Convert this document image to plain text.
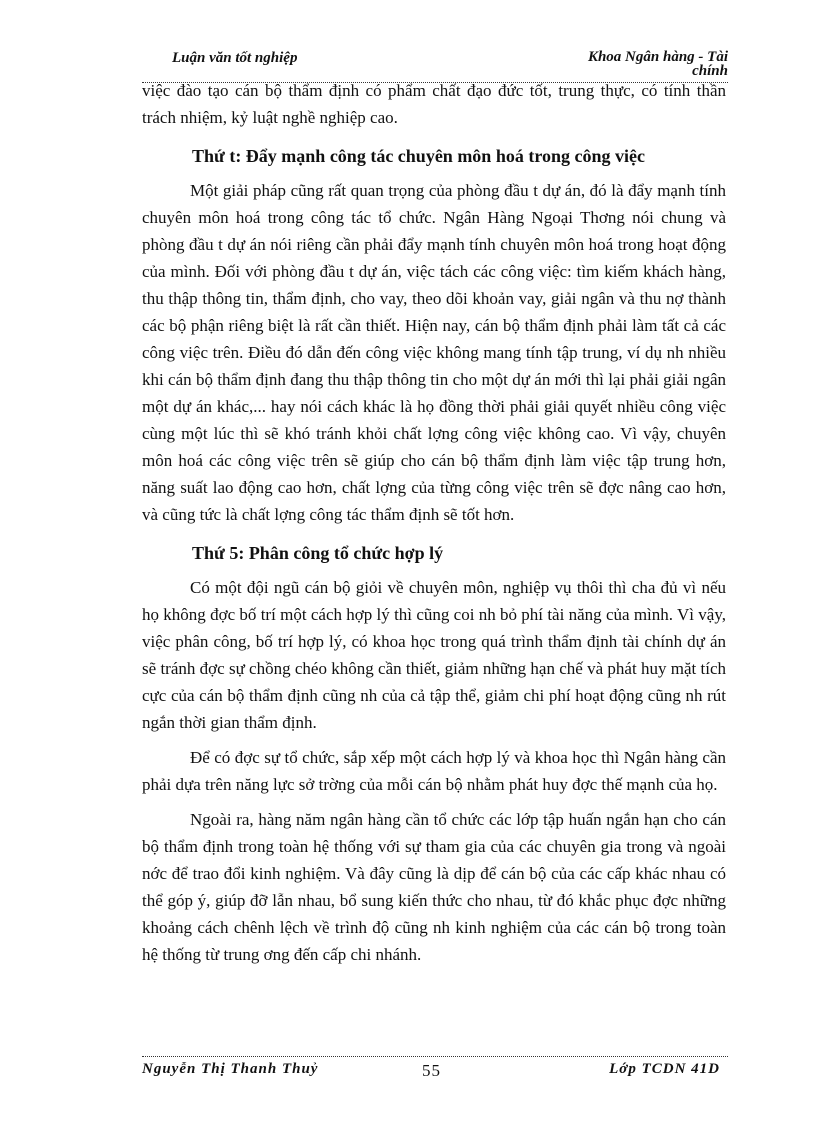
Luận văn tốt nghiệp	Khoa Ngân hàng - Tài
chính

việc đào tạo cán bộ thẩm định có phẩm chất đạo đức tốt, trung thực, có tính thần trách nhiệm, kỷ luật nghề nghiệp cao.

Thứ t: Đẩy mạnh công tác chuyên môn hoá trong công việc

Một giải pháp cũng rất quan trọng của phòng đầu t dự án, đó là đẩy mạnh tính chuyên môn hoá trong công tác tổ chức. Ngân Hàng Ngoại Thơng nói chung và phòng đầu t dự án nói riêng cần phải đẩy mạnh tính chuyên môn hoá trong hoạt động của mình. Đối với phòng đầu t dự án, việc tách các công việc: tìm kiếm khách hàng, thu thập thông tin, thẩm định, cho vay, theo dõi khoản vay, giải ngân và thu nợ thành các bộ phận riêng biệt là rất cần thiết. Hiện nay, cán bộ thẩm định phải làm tất cả các công việc trên. Điều đó dẫn đến công việc không mang tính tập trung, ví dụ nh nhiều khi cán bộ thẩm định đang thu thập thông tin cho một dự án mới thì lại phải giải ngân một dự án khác,... hay nói cách khác là họ đồng thời phải giải quyết nhiều công việc cùng một lúc thì sẽ khó tránh khỏi chất lợng công việc không cao. Vì vậy, chuyên môn hoá các công việc trên sẽ giúp cho cán bộ thẩm định làm việc tập trung hơn, năng suất lao động cao hơn, chất lợng của từng công việc trên sẽ đợc nâng cao hơn, và cũng tức là chất lợng công tác thẩm định sẽ tốt hơn.

Thứ 5: Phân công tổ chức hợp lý

Có một đội ngũ cán bộ giỏi về chuyên môn, nghiệp vụ thôi thì cha đủ vì nếu họ không đợc bố trí một cách hợp lý thì cũng coi nh bỏ phí tài năng của mình. Vì vậy, việc phân công, bố trí hợp lý, có khoa học trong quá trình thẩm định tài chính dự án sẽ tránh đợc sự chồng chéo không cần thiết, giảm những hạn chế và phát huy mặt tích cực của cán bộ thẩm định cũng nh của cả tập thể, giảm chi phí hoạt động cũng nh rút ngắn thời gian thẩm định.

Để có đợc sự tổ chức, sắp xếp một cách hợp lý và khoa học thì Ngân hàng cần phải dựa trên năng lực sở trờng của mỗi cán bộ nhằm phát huy đợc thế mạnh của họ.

Ngoài ra, hàng năm ngân hàng cần tổ chức các lớp tập huấn ngắn hạn cho cán bộ thẩm định trong toàn hệ thống với sự tham gia của các chuyên gia trong và ngoài nớc để trao đổi kinh nghiệm. Và đây cũng là dịp để cán bộ của các cấp khác nhau có thể góp ý, giúp đỡ lẫn nhau, bổ sung kiến thức cho nhau, từ đó khắc phục đợc những khoảng cách chênh lệch về trình độ cũng nh kinh nghiệm của các cán bộ trong toàn hệ thống từ trung ơng đến cấp chi nhánh.

Nguyễn Thị Thanh Thuỷ	55	Lớp TCDN 41D
